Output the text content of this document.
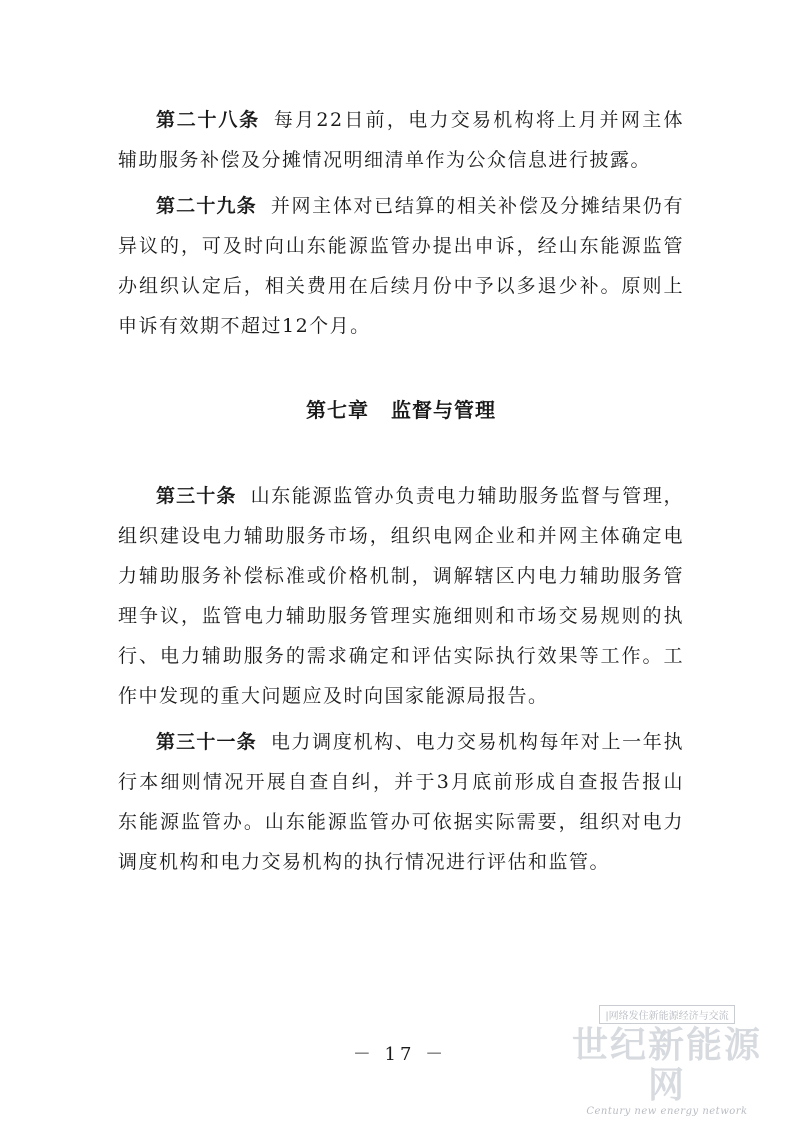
第二十八条 每月22日前，电力交易机构将上月并网主体辅助服务补偿及分摊情况明细清单作为公众信息进行披露。

第二十九条 并网主体对已结算的相关补偿及分摊结果仍有异议的，可及时向山东能源监管办提出申诉，经山东能源监管办组织认定后，相关费用在后续月份中予以多退少补。原则上申诉有效期不超过12个月。

第七章 监督与管理

第三十条 山东能源监管办负责电力辅助服务监督与管理，组织建设电力辅助服务市场，组织电网企业和并网主体确定电力辅助服务补偿标准或价格机制，调解辖区内电力辅助服务管理争议，监管电力辅助服务管理实施细则和市场交易规则的执行、电力辅助服务的需求确定和评估实际执行效果等工作。工作中发现的重大问题应及时向国家能源局报告。

第三十一条 电力调度机构、电力交易机构每年对上一年执行本细则情况开展自查自纠，并于3月底前形成自查报告报山东能源监管办。山东能源监管办可依据实际需要，组织对电力调度机构和电力交易机构的执行情况进行评估和监管。

－ 17 －
|网络发住新能源经济与交流
世纪新能源网
Century new energy network
